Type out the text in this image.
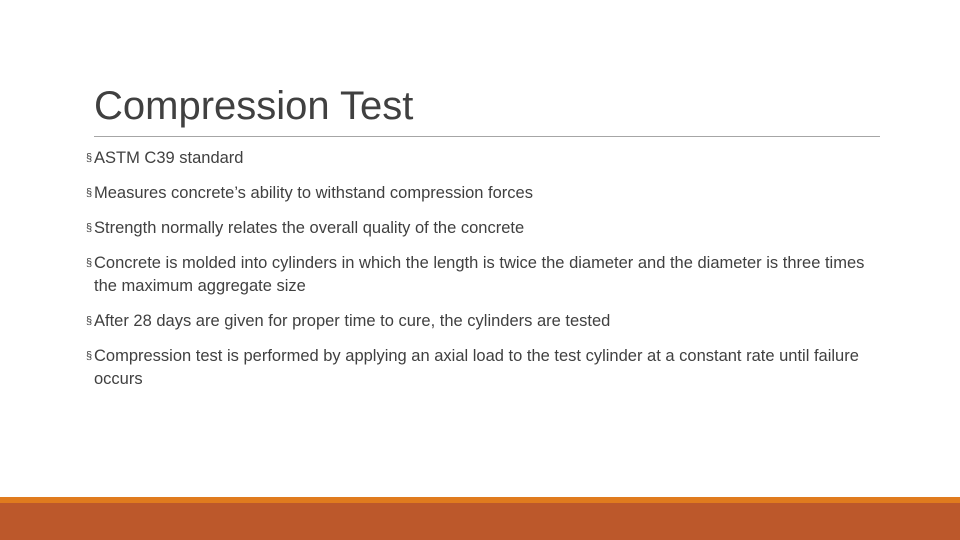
Compression Test
§ ASTM C39 standard
§ Measures concrete’s ability to withstand compression forces
§ Strength normally relates the overall quality of the concrete
§ Concrete is molded into cylinders in which the length is twice the diameter and the diameter is three times the maximum aggregate size
§ After 28 days are given for proper time to cure, the cylinders are tested
§ Compression test is performed by applying an axial load to the test cylinder at a constant rate until failure occurs
